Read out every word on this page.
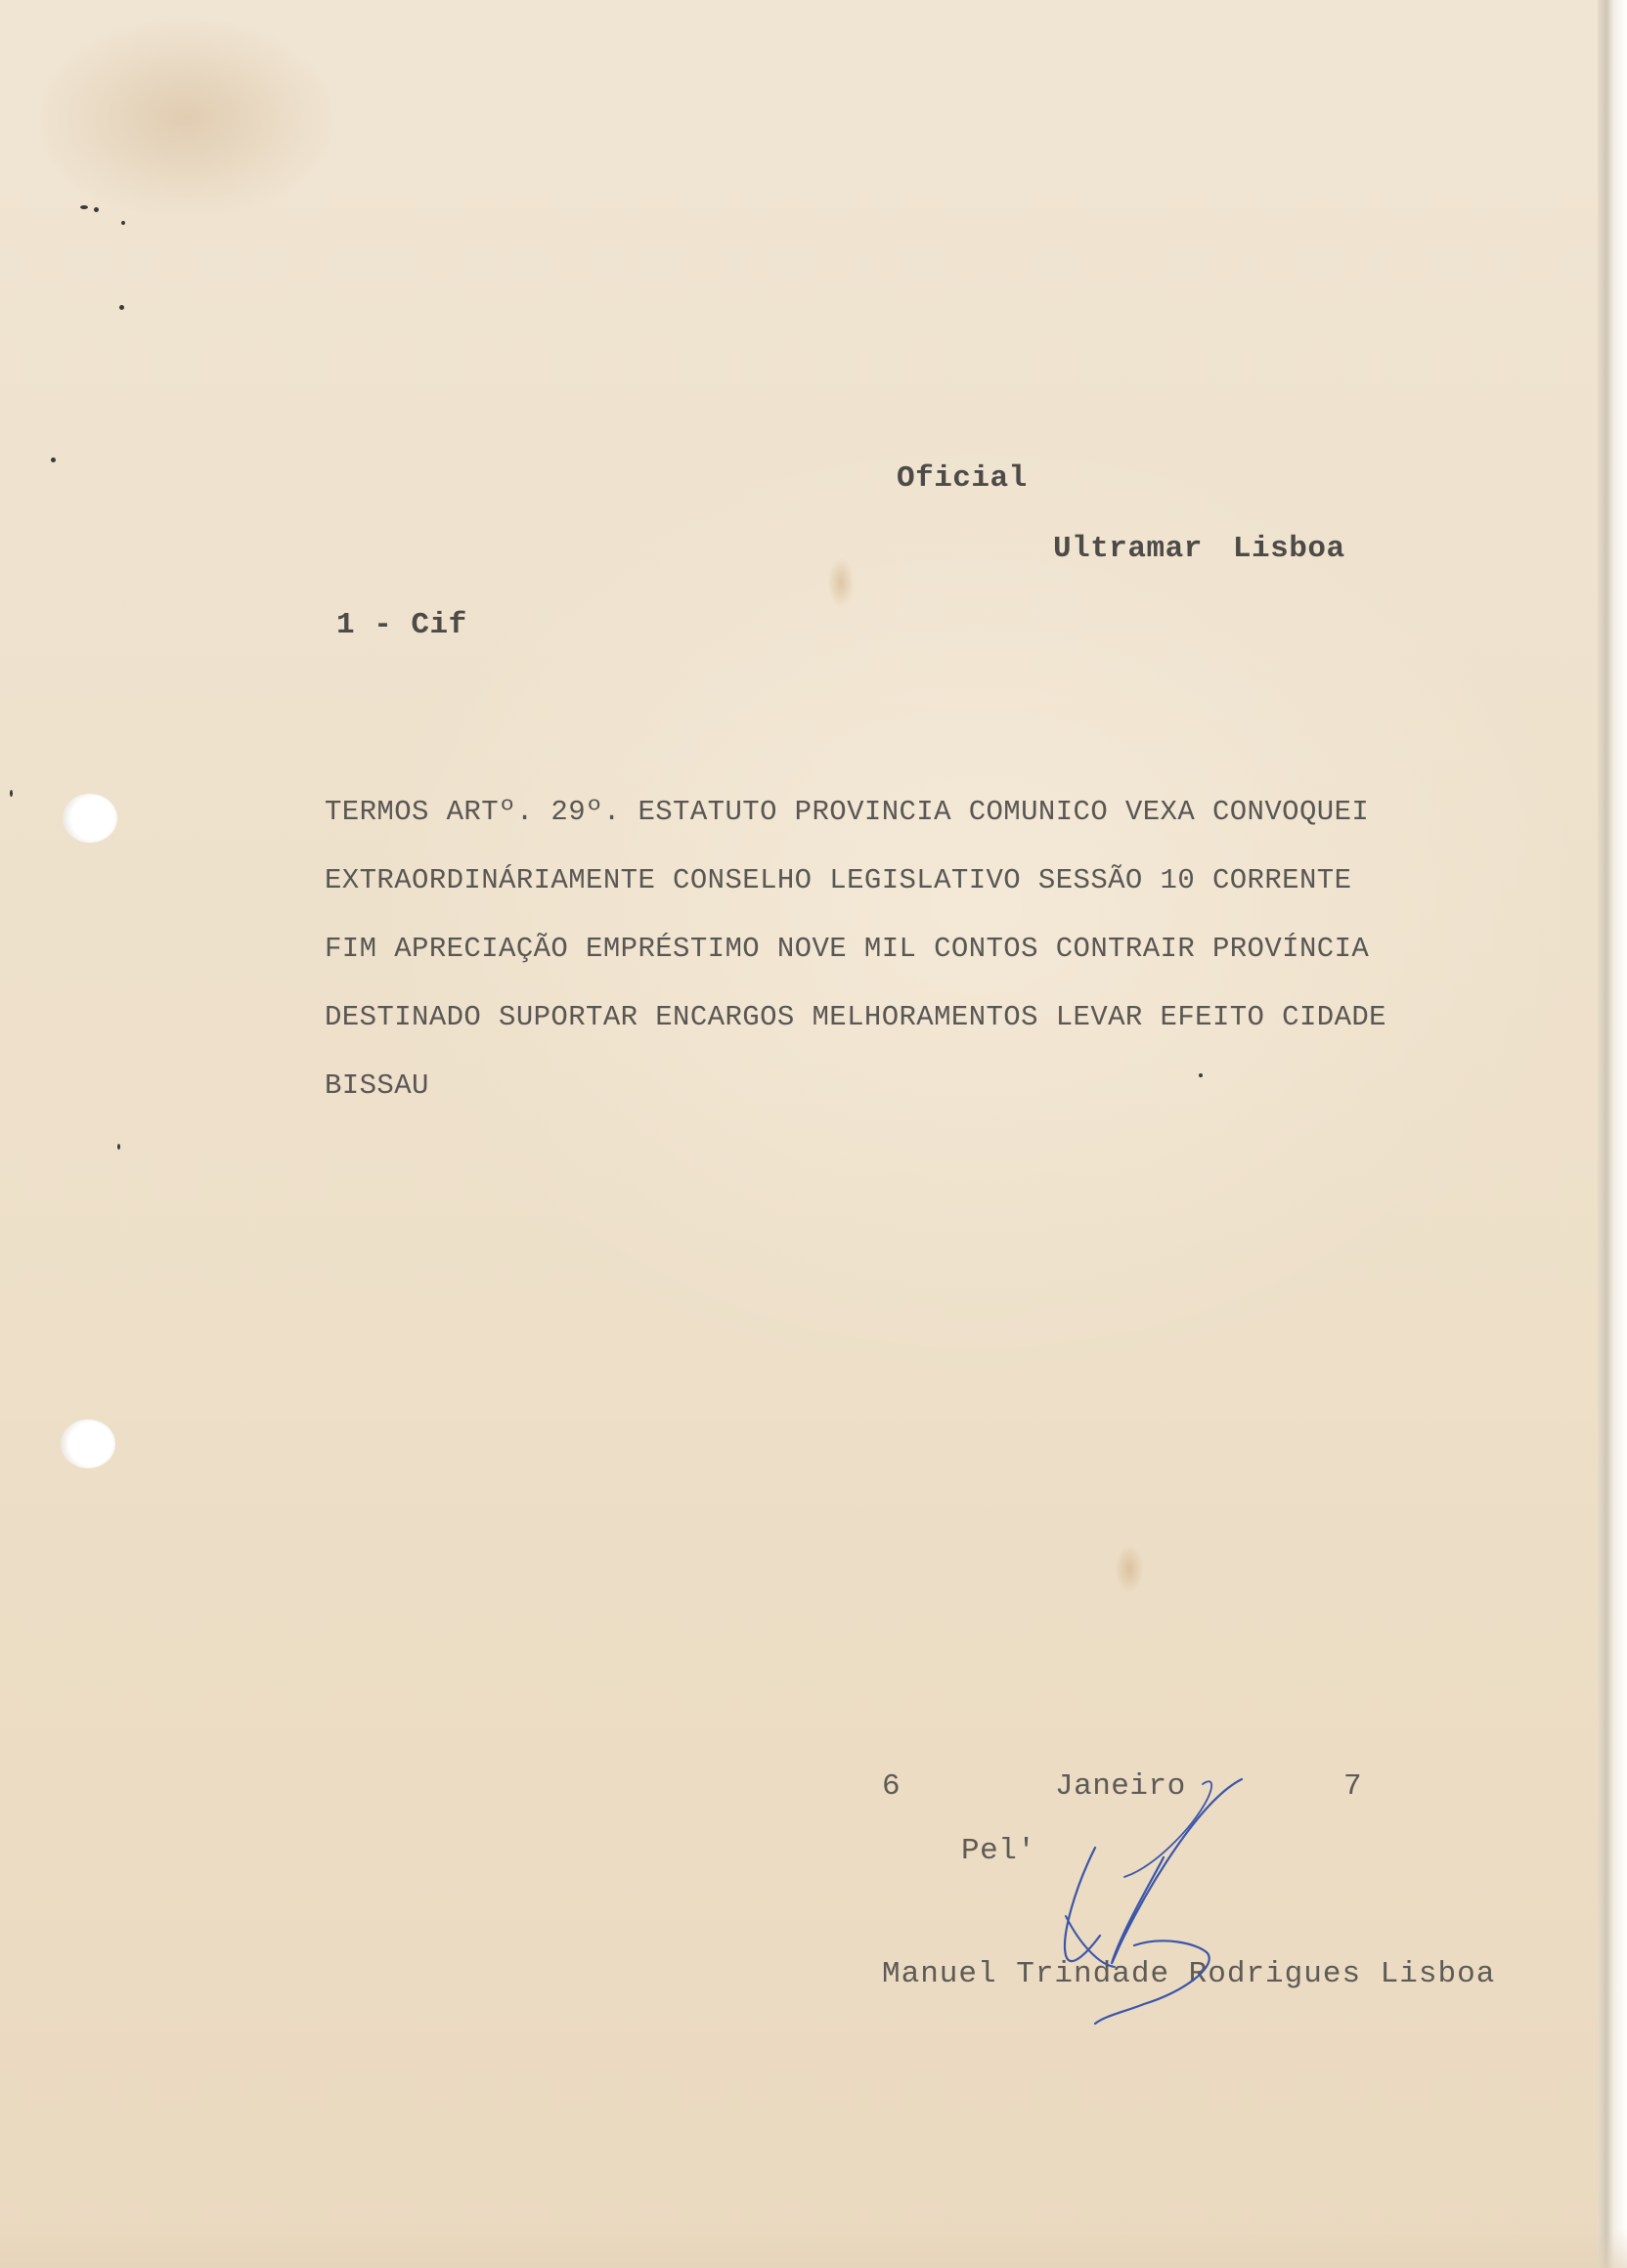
Oficial
Ultramar Lisboa
1 - Cif
TERMOS ARTº. 29º. ESTATUTO PROVINCIA COMUNICO VEXA CONVOQUEI
EXTRAORDINÁRIAMENTE CONSELHO LEGISLATIVO SESSÃO 10 CORRENTE
FIM APRECIAÇÃO EMPRÉSTIMO NOVE MIL CONTOS CONTRAIR PROVÍNCIA
DESTINADO SUPORTAR ENCARGOS MELHORAMENTOS LEVAR EFEITO CIDADE
BISSAU
6	Janeiro	7
Pel'
Manuel Trindade Rodrigues Lisboa
